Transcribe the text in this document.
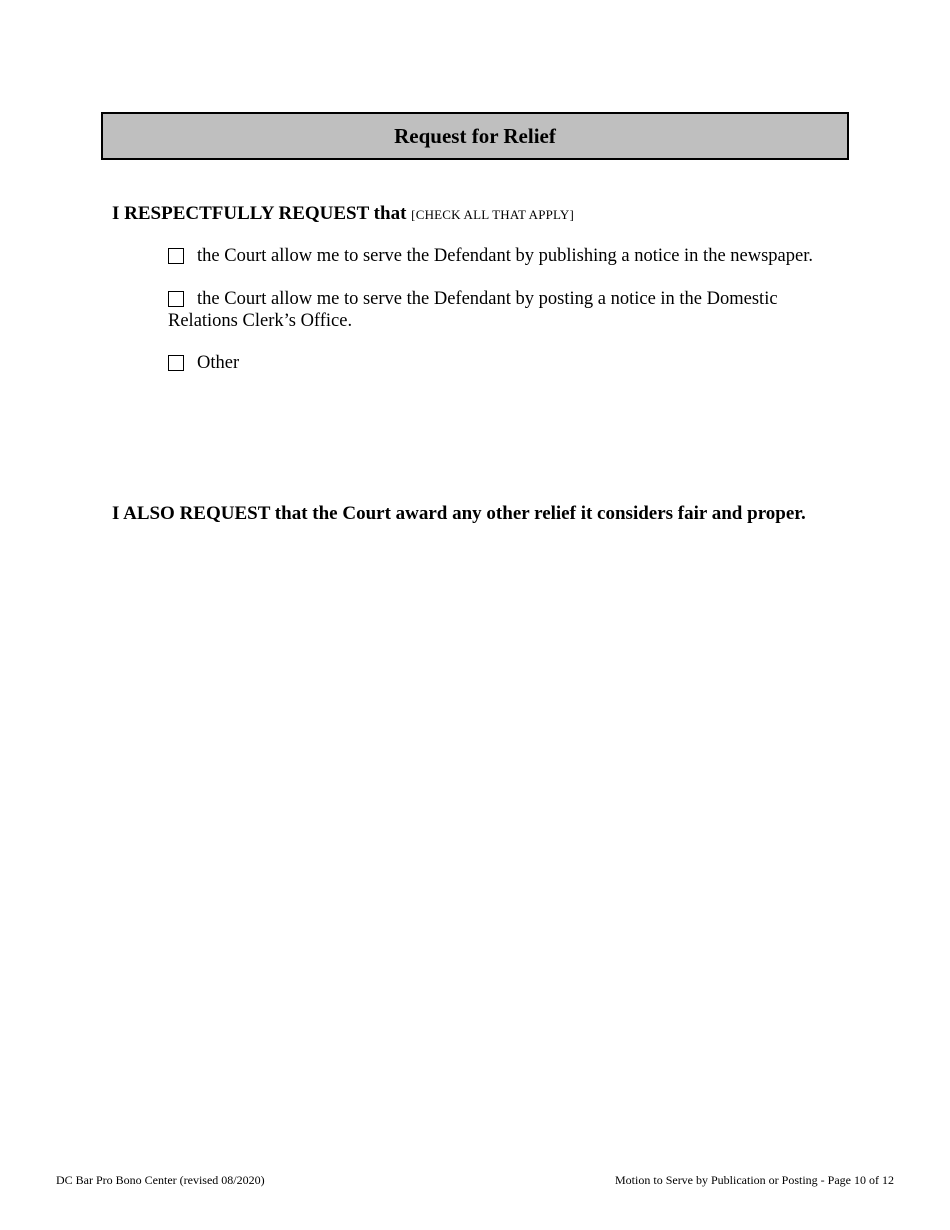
Request for Relief
I RESPECTFULLY REQUEST that [CHECK ALL THAT APPLY]
the Court allow me to serve the Defendant by publishing a notice in the newspaper.
the Court allow me to serve the Defendant by posting a notice in the Domestic Relations Clerk’s Office.
Other
I ALSO REQUEST that the Court award any other relief it considers fair and proper.
DC Bar Pro Bono Center (revised 08/2020)	Motion to Serve by Publication or Posting - Page 10 of 12
